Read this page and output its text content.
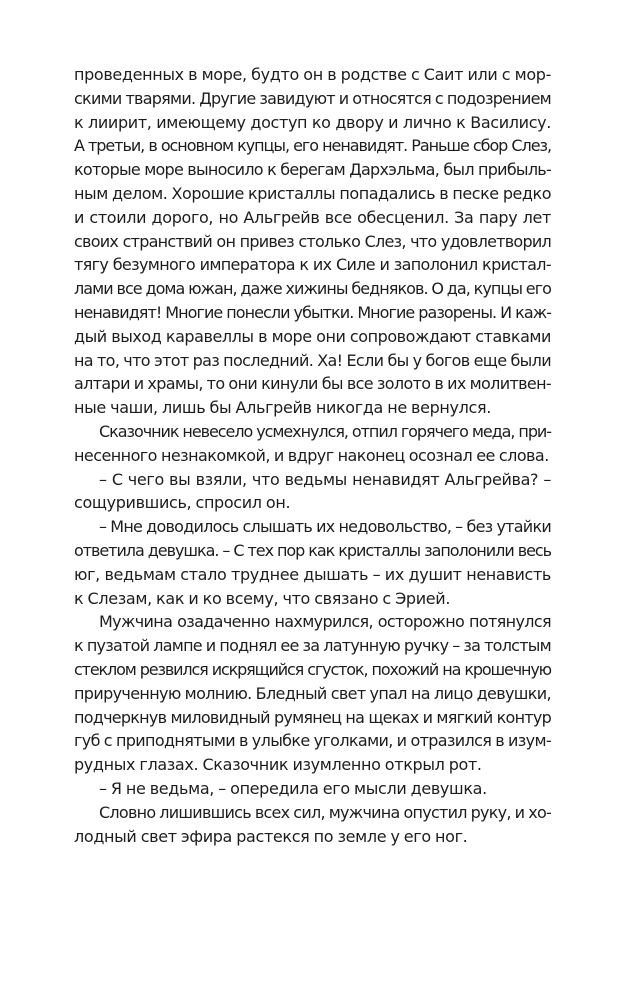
проведенных в море, будто он в родстве с Саит или с мор-
скими тварями. Другие завидуют и относятся с подозрением
к лиирит, имеющему доступ ко двору и лично к Василису.
А третьи, в основном купцы, его ненавидят. Раньше сбор Слез,
которые море выносило к берегам Дархэльма, был прибыль-
ным делом. Хорошие кристаллы попадались в песке редко
и стоили дорого, но Альгрейв все обесценил. За пару лет
своих странствий он привез столько Слез, что удовлетворил
тягу безумного императора к их Силе и заполонил кристал-
лами все дома южан, даже хижины бедняков. О да, купцы его
ненавидят! Многие понесли убытки. Многие разорены. И каж-
дый выход каравеллы в море они сопровождают ставками
на то, что этот раз последний. Ха! Если бы у богов еще были
алтари и храмы, то они кинули бы все золото в их молитвен-
ные чаши, лишь бы Альгрейв никогда не вернулся.
Сказочник невесело усмехнулся, отпил горячего меда, при-
несенного незнакомкой, и вдруг наконец осознал ее слова.
– С чего вы взяли, что ведьмы ненавидят Альгрейва? –
сощурившись, спросил он.
– Мне доводилось слышать их недовольство, – без утайки
ответила девушка. – С тех пор как кристаллы заполонили весь
юг, ведьмам стало труднее дышать – их душит ненависть
к Слезам, как и ко всему, что связано с Эрией.
Мужчина озадаченно нахмурился, осторожно потянулся
к пузатой лампе и поднял ее за латунную ручку – за толстым
стеклом резвился искрящийся сгусток, похожий на крошечную
прирученную молнию. Бледный свет упал на лицо девушки,
подчеркнув миловидный румянец на щеках и мягкий контур
губ с приподнятыми в улыбке уголками, и отразился в изум-
рудных глазах. Сказочник изумленно открыл рот.
– Я не ведьма, – опередила его мысли девушка.
Словно лишившись всех сил, мужчина опустил руку, и хо-
лодный свет эфира растекся по земле у его ног.
